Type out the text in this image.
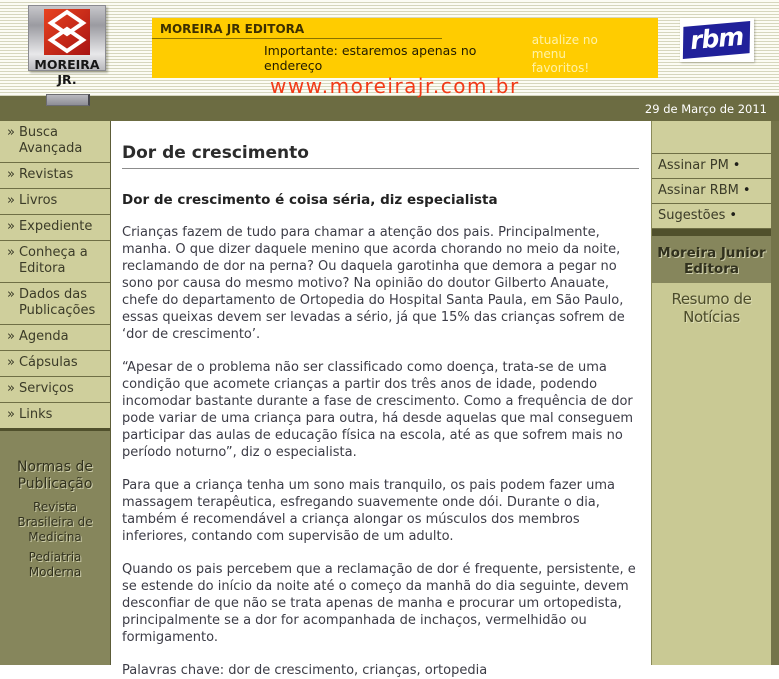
MOREIRA JR.
MOREIRA JR EDITORA
Importante: estaremos apenas no endereço
www.moreirajr.com.br
atualize no menu favoritos!
rbm
29 de Março de 2011
» Busca Avançada
» Revistas
» Livros
» Expediente
» Conheça a Editora
» Dados das Publicações
» Agenda
» Cápsulas
» Serviços
» Links
Normas de Publicação
Revista Brasileira de Medicina
Pediatria Moderna
Dor de crescimento
Dor de crescimento é coisa séria, diz especialista

Crianças fazem de tudo para chamar a atenção dos pais. Principalmente, manha. O que dizer daquele menino que acorda chorando no meio da noite, reclamando de dor na perna? Ou daquela garotinha que demora a pegar no sono por causa do mesmo motivo? Na opinião do doutor Gilberto Anauate, chefe do departamento de Ortopedia do Hospital Santa Paula, em São Paulo, essas queixas devem ser levadas a sério, já que 15% das crianças sofrem de ‘dor de crescimento’.

“Apesar de o problema não ser classificado como doença, trata-se de uma condição que acomete crianças a partir dos três anos de idade, podendo incomodar bastante durante a fase de crescimento. Como a frequência de dor pode variar de uma criança para outra, há desde aquelas que mal conseguem participar das aulas de educação física na escola, até as que sofrem mais no período noturno”, diz o especialista.

Para que a criança tenha um sono mais tranquilo, os pais podem fazer uma massagem terapêutica, esfregando suavemente onde dói. Durante o dia, também é recomendável a criança alongar os músculos dos membros inferiores, contando com supervisão de um adulto.

Quando os pais percebem que a reclamação de dor é frequente, persistente, e se estende do início da noite até o começo da manhã do dia seguinte, devem desconfiar de que não se trata apenas de manha e procurar um ortopedista, principalmente se a dor for acompanhada de inchaços, vermelhidão ou formigamento.

Palavras chave: dor de crescimento, crianças, ortopedia

Assinar PM •
Assinar RBM •
Sugestões •
Moreira Junior
Editora
Resumo de Notícias
